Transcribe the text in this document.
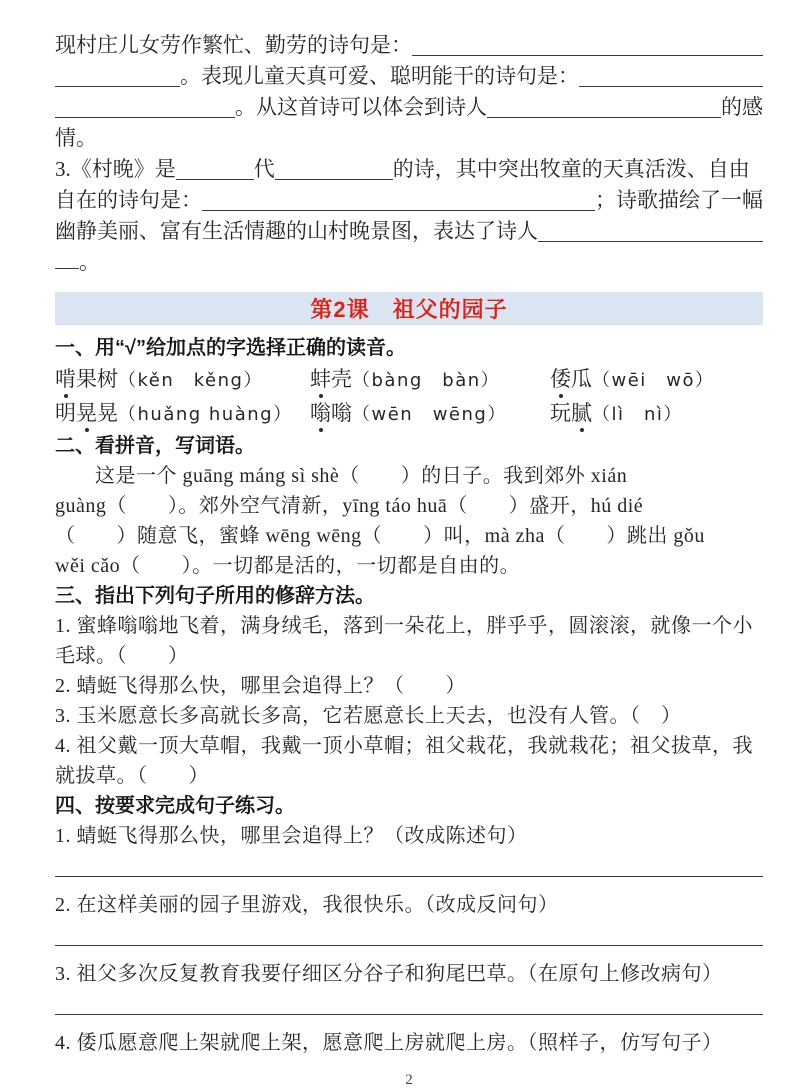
现村庄儿女劳作繁忙、勤劳的诗句是：
。表现儿童天真可爱、聪明能干的诗句是：
。从这首诗可以体会到诗人	的感
情。
3.《村晚》是	代	的诗，其中突出牧童的天真活泼、自由
自在的诗句是：	；诗歌描绘了一幅
幽静美丽、富有生活情趣的山村晚景图，表达了诗人
。
第2课　祖父的园子
一、用“√”给加点的字选择正确的读音。
啃果树（kěn　kěng）	蚌壳（bàng　bàn）	倭瓜（wēi　wō）
明晃晃（huǎng huàng） 嗡嗡（wēn　wēng）	玩腻（lì　nì）
二、看拼音，写词语。
这是一个 guāng máng sì shè（　　）的日子。我到郊外 xián
guàng（　　）。郊外空气清新，yīng táo huā（　　）盛开，hú dié
（　　）随意飞，蜜蜂 wēng wēng（　　）叫，mà zha（　　）跳出 gǒu
wěi cǎo（　　）。一切都是活的，一切都是自由的。
三、指出下列句子所用的修辞方法。
1. 蜜蜂嗡嗡地飞着，满身绒毛，落到一朵花上，胖乎乎，圆滚滚，就像一个小毛球。（　　）
2. 蜻蜓飞得那么快，哪里会追得上？（　　）
3. 玉米愿意长多高就长多高，它若愿意长上天去，也没有人管。（　）
4. 祖父戴一顶大草帽，我戴一顶小草帽；祖父栽花，我就栽花；祖父拔草，我就拔草。（　　）
四、按要求完成句子练习。
1. 蜻蜓飞得那么快，哪里会追得上？（改成陈述句）
2. 在这样美丽的园子里游戏，我很快乐。（改成反问句）
3. 祖父多次反复教育我要仔细区分谷子和狗尾巴草。（在原句上修改病句）
4. 倭瓜愿意爬上架就爬上架，愿意爬上房就爬上房。（照样子，仿写句子）
2
